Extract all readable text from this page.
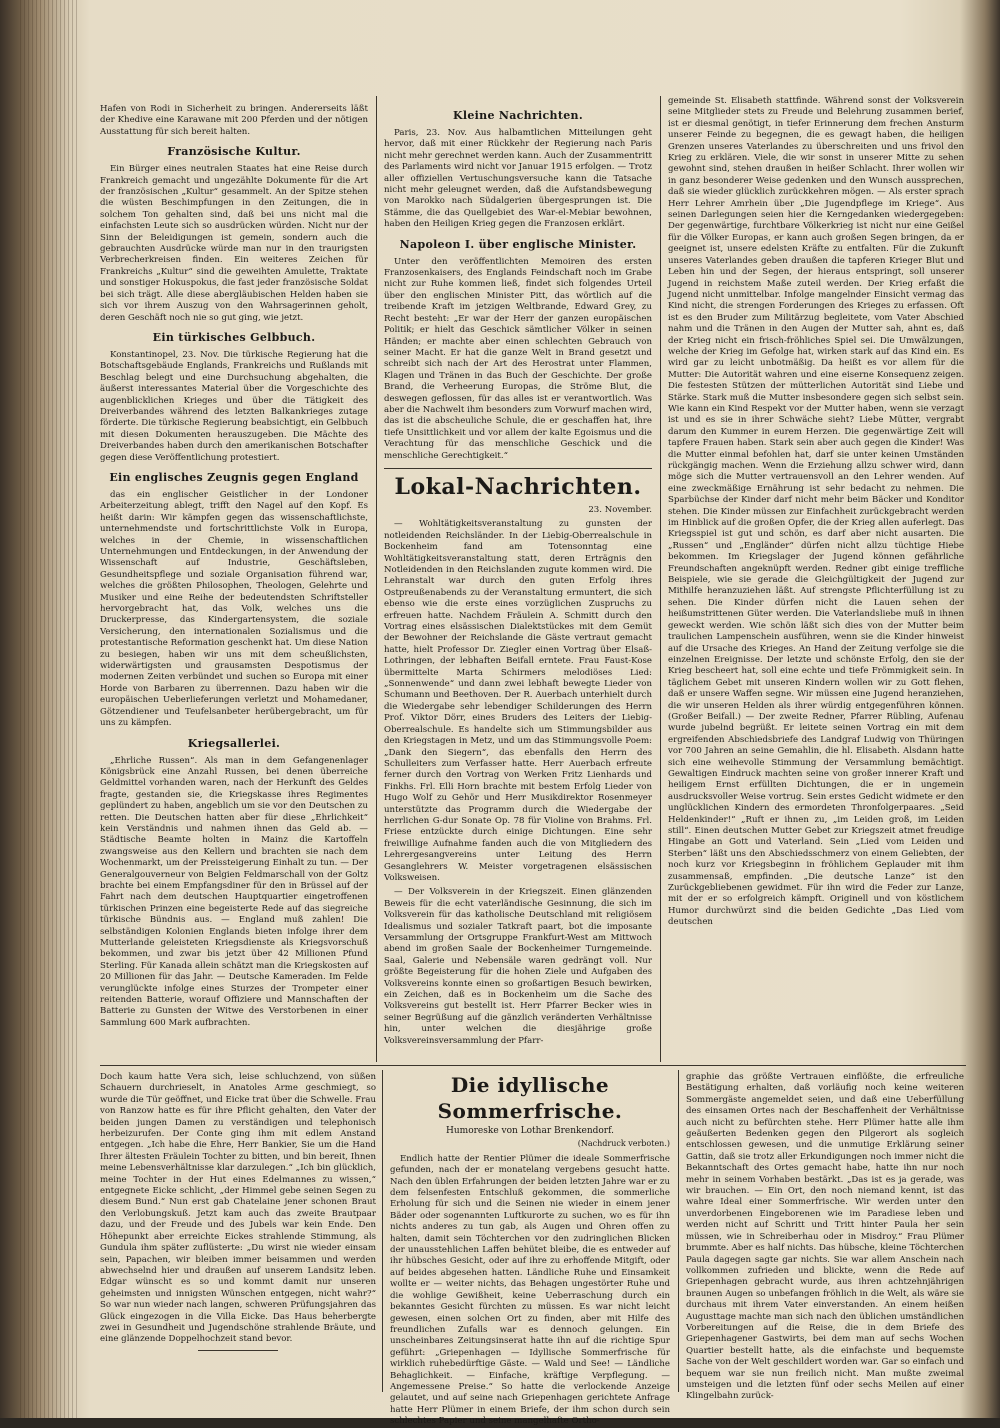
Hafen von Rodi in Sicherheit zu bringen. Andererseits läßt der Khedive eine Karawane mit 200 Pferden und der nötigen Ausstattung für sich bereit halten.

Französische Kultur.

Ein Bürger eines neutralen Staates hat eine Reise durch Frankreich gemacht und ungezählte Dokumente für die Art der französischen „Kultur“ gesammelt. An der Spitze stehen die wüsten Beschimpfungen in den Zeitungen, die in solchem Ton gehalten sind, daß bei uns nicht mal die einfachsten Leute sich so ausdrücken würden. Nicht nur der Sinn der Beleidigungen ist gemein, sondern auch die gebrauchten Ausdrücke würde man nur in den traurigsten Verbrecherkreisen finden. Ein weiteres Zeichen für Frankreichs „Kultur“ sind die geweihten Amulette, Traktate und sonstiger Hokuspokus, die fast jeder französische Soldat bei sich trägt. Alle diese abergläubischen Helden haben sie sich vor ihrem Auszug von den Wahrsagerinnen geholt, deren Geschäft noch nie so gut ging, wie jetzt.

Ein türkisches Gelbbuch.

Konstantinopel, 23. Nov. Die türkische Regierung hat die Botschaftsgebäude Englands, Frankreichs und Rußlands mit Beschlag belegt und eine Durchsuchung abgehalten, die äußerst interessantes Material über die Vorgeschichte des augenblicklichen Krieges und über die Tätigkeit des Dreiverbandes während des letzten Balkankrieges zutage förderte. Die türkische Regierung beabsichtigt, ein Gelbbuch mit diesen Dokumenten herauszugeben. Die Mächte des Dreiverbandes haben durch den amerikanischen Botschafter gegen diese Veröffentlichung protestiert.

Ein englisches Zeugnis gegen England

das ein englischer Geistlicher in der Londoner Arbeiterzeitung ablegt, trifft den Nagel auf den Kopf. Es heißt darin: Wir kämpfen gegen das wissenschaftlichste, unternehmendste und fortschrittlichste Volk in Europa, welches in der Chemie, in wissenschaftlichen Unternehmungen und Entdeckungen, in der Anwendung der Wissenschaft auf Industrie, Geschäftsleben, Gesundheitspflege und soziale Organisation führend war, welches die größten Philosophen, Theologen, Gelehrte und Musiker und eine Reihe der bedeutendsten Schriftsteller hervorgebracht hat, das Volk, welches uns die Druckerpresse, das Kindergartensystem, die soziale Versicherung, den internationalen Sozialismus und die protestantische Reformation geschenkt hat. Um diese Nation zu besiegen, haben wir uns mit dem scheußlichsten, widerwärtigsten und grausamsten Despotismus der modernen Zeiten verbündet und suchen so Europa mit einer Horde von Barbaren zu überrennen. Dazu haben wir die europäischen Ueberlieferungen verletzt und Mohamedaner, Götzendiener und Teufelsanbeter herübergebracht, um für uns zu kämpfen.

Kriegsallerlei.

„Ehrliche Russen“. Als man in dem Gefangenenlager Königsbrück eine Anzahl Russen, bei denen überreiche Geldmittel vorhanden waren, nach der Herkunft des Geldes fragte, gestanden sie, die Kriegskasse ihres Regimentes geplündert zu haben, angeblich um sie vor den Deutschen zu retten. Die Deutschen hatten aber für diese „Ehrlichkeit“ kein Verständnis und nahmen ihnen das Geld ab. — Städtische Beamte holten in Mainz die Kartoffeln zwangsweise aus den Kellern und brachten sie nach dem Wochenmarkt, um der Preissteigerung Einhalt zu tun. — Der Generalgouverneur von Belgien Feldmarschall von der Goltz brachte bei einem Empfangsdiner für den in Brüssel auf der Fahrt nach dem deutschen Hauptquartier eingetroffenen türkischen Prinzen eine begeisterte Rede auf das siegreiche türkische Bündnis aus. — England muß zahlen! Die selbständigen Kolonien Englands bieten infolge ihrer dem Mutterlande geleisteten Kriegsdienste als Kriegsvorschuß bekommen, und zwar bis jetzt über 42 Millionen Pfund Sterling. Für Kanada allein schätzt man die Kriegskosten auf 20 Millionen für das Jahr. — Deutsche Kameraden. Im Felde verunglückte infolge eines Sturzes der Trompeter einer reitenden Batterie, worauf Offiziere und Mannschaften der Batterie zu Gunsten der Witwe des Verstorbenen in einer Sammlung 600 Mark aufbrachten.

Kleine Nachrichten.

Paris, 23. Nov. Aus halbamtlichen Mitteilungen geht hervor, daß mit einer Rückkehr der Regierung nach Paris nicht mehr gerechnet werden kann. Auch der Zusammentritt des Parlaments wird nicht vor Januar 1915 erfolgen. — Trotz aller offiziellen Vertuschungsversuche kann die Tatsache nicht mehr geleugnet werden, daß die Aufstandsbewegung von Marokko nach Südalgerien übergesprungen ist. Die Stämme, die das Quellgebiet des War-el-Mebiar bewohnen, haben den Heiligen Krieg gegen die Franzosen erklärt.

Napoleon I. über englische Minister.

Unter den veröffentlichten Memoiren des ersten Franzosenkaisers, des Englands Feindschaft noch im Grabe nicht zur Ruhe kommen ließ, findet sich folgendes Urteil über den englischen Minister Pitt, das wörtlich auf die treibende Kraft im jetzigen Weltbrande, Edward Grey, zu Recht besteht: „Er war der Herr der ganzen europäischen Politik; er hielt das Geschick sämtlicher Völker in seinen Händen; er machte aber einen schlechten Gebrauch von seiner Macht. Er hat die ganze Welt in Brand gesetzt und schreibt sich nach der Art des Herostrat unter Flammen, Klagen und Tränen in das Buch der Geschichte. Der große Brand, die Verheerung Europas, die Ströme Blut, die deswegen geflossen, für das alles ist er verantwortlich. Was aber die Nachwelt ihm besonders zum Vorwurf machen wird, das ist die abscheuliche Schule, die er geschaffen hat, ihre tiefe Unsittlichkeit und vor allem der kalte Egoismus und die Verachtung für das menschliche Geschick und die menschliche Gerechtigkeit.“

Lokal-Nachrichten.

23. November.

— Wohltätigkeitsveranstaltung zu gunsten der notleidenden Reichsländer. In der Liebig-Oberrealschule in Bockenheim fand am Totensonntag eine Wohltätigkeitsveranstaltung statt, deren Erträgnis den Notleidenden in den Reichslanden zugute kommen wird. Die Lehranstalt war durch den guten Erfolg ihres Ostpreußenabends zu der Veranstaltung ermuntert, die sich ebenso wie die erste eines vorzüglichen Zuspruchs zu erfreuen hatte. Nachdem Fräulein A. Schmitt durch den Vortrag eines elsässischen Dialektstückes mit dem Gemüt der Bewohner der Reichslande die Gäste vertraut gemacht hatte, hielt Professor Dr. Ziegler einen Vortrag über Elsaß-Lothringen, der lebhaften Beifall erntete. Frau Faust-Kose übermittelte Marta Schirmers melodiöses Lied: „Sonnenwende“ und dann zwei lebhaft bewegte Lieder von Schumann und Beethoven. Der R. Auerbach unterhielt durch die Wiedergabe sehr lebendiger Schilderungen des Herrn Prof. Viktor Dörr, eines Bruders des Leiters der Liebig-Oberrealschule. Es handelte sich um Stimmungsbilder aus den Kriegstagen in Metz, und um das Stimmungsvolle Poem: „Dank den Siegern“, das ebenfalls den Herrn des Schulleiters zum Verfasser hatte. Herr Auerbach erfreute ferner durch den Vortrag von Werken Fritz Lienhards und Finkhs. Frl. Elli Horn brachte mit bestem Erfolg Lieder von Hugo Wolf zu Gehör und Herr Musikdirektor Rosenmeyer unterstützte das Programm durch die Wiedergabe der herrlichen G-dur Sonate Op. 78 für Violine von Brahms. Frl. Friese entzückte durch einige Dichtungen. Eine sehr freiwillige Aufnahme fanden auch die von Mitgliedern des Lehrergesangvereins unter Leitung des Herrn Gesanglehrers W. Meister vorgetragenen elsässischen Volksweisen.

— Der Volksverein in der Kriegszeit. Einen glänzenden Beweis für die echt vaterländische Gesinnung, die sich im Volksverein für das katholische Deutschland mit religiösem Idealismus und sozialer Tatkraft paart, bot die imposante Versammlung der Ortsgruppe Frankfurt-West am Mittwoch abend im großen Saale der Bockenheimer Turngemeinde. Saal, Galerie und Nebensäle waren gedrängt voll. Nur größte Begeisterung für die hohen Ziele und Aufgaben des Volksvereins konnte einen so großartigen Besuch bewirken, ein Zeichen, daß es in Bockenheim um die Sache des Volksvereins gut bestellt ist. Herr Pfarrer Becker wies in seiner Begrüßung auf die gänzlich veränderten Verhältnisse hin, unter welchen die diesjährige große Volksvereinsversammlung der Pfarr-

gemeinde St. Elisabeth stattfinde. Während sonst der Volksverein seine Mitglieder stets zu Freude und Belehrung zusammen berief, ist er diesmal genötigt, in tiefer Erinnerung dem frechen Ansturm unserer Feinde zu begegnen, die es gewagt haben, die heiligen Grenzen unseres Vaterlandes zu überschreiten und uns frivol den Krieg zu erklären. Viele, die wir sonst in unserer Mitte zu sehen gewohnt sind, stehen draußen in heißer Schlacht. Ihrer wollen wir in ganz besonderer Weise gedenken und den Wunsch aussprechen, daß sie wieder glücklich zurückkehren mögen. — Als erster sprach Herr Lehrer Amrhein über „Die Jugendpflege im Kriege“. Aus seinen Darlegungen seien hier die Kerngedanken wiedergegeben: Der gegenwärtige, furchtbare Völkerkrieg ist nicht nur eine Geißel für die Völker Europas, er kann auch großen Segen bringen, da er geeignet ist, unsere edelsten Kräfte zu entfalten. Für die Zukunft unseres Vaterlandes geben draußen die tapferen Krieger Blut und Leben hin und der Segen, der hieraus entspringt, soll unserer Jugend in reichstem Maße zuteil werden. Der Krieg erfaßt die Jugend nicht unmittelbar. Infolge mangelnder Einsicht vermag das Kind nicht, die strengen Forderungen des Krieges zu erfassen. Oft ist es den Bruder zum Militärzug begleitete, vom Vater Abschied nahm und die Tränen in den Augen der Mutter sah, ahnt es, daß der Krieg nicht ein frisch-fröhliches Spiel sei. Die Umwälzungen, welche der Krieg im Gefolge hat, wirken stark auf das Kind ein. Es wird gar zu leicht unbotmäßig. Da heißt es vor allem für die Mutter: Die Autorität wahren und eine eiserne Konsequenz zeigen. Die festesten Stützen der mütterlichen Autorität sind Liebe und Stärke. Stark muß die Mutter insbesondere gegen sich selbst sein. Wie kann ein Kind Respekt vor der Mutter haben, wenn sie verzagt ist und es sie in ihrer Schwäche sieht? Liebe Mütter, vergrabt darum den Kummer in eurem Herzen. Die gegenwärtige Zeit will tapfere Frauen haben. Stark sein aber auch gegen die Kinder! Was die Mutter einmal befohlen hat, darf sie unter keinen Umständen rückgängig machen. Wenn die Erziehung allzu schwer wird, dann möge sich die Mutter vertrauensvoll an den Lehrer wenden. Auf eine zweckmäßige Ernährung ist sehr bedacht zu nehmen. Die Sparbüchse der Kinder darf nicht mehr beim Bäcker und Konditor stehen. Die Kinder müssen zur Einfachheit zurückgebracht werden im Hinblick auf die großen Opfer, die der Krieg allen auferlegt. Das Kriegsspiel ist gut und schön, es darf aber nicht ausarten. Die „Russen“ und „Engländer“ dürfen nicht allzu tüchtige Hiebe bekommen. Im Kriegslager der Jugend können gefährliche Freundschaften angeknüpft werden. Redner gibt einige treffliche Beispiele, wie sie gerade die Gleichgültigkeit der Jugend zur Mithilfe heranzuziehen läßt. Auf strengste Pflichterfüllung ist zu sehen. Die Kinder dürfen nicht die Lauen sehen der heißumstrittenen Güter werden. Die Vaterlandsliebe muß in ihnen geweckt werden. Wie schön läßt sich dies von der Mutter beim traulichen Lampenschein ausführen, wenn sie die Kinder hinweist auf die Ursache des Krieges. An Hand der Zeitung verfolge sie die einzelnen Ereignisse. Der letzte und schönste Erfolg, den sie der Krieg bescheert hat, soll eine echte und tiefe Frömmigkeit sein. In täglichem Gebet mit unseren Kindern wollen wir zu Gott flehen, daß er unsere Waffen segne. Wir müssen eine Jugend heranziehen, die wir unseren Helden als ihrer würdig entgegenführen können. (Großer Beifall.) — Der zweite Redner, Pfarrer Rübling, Aufenau wurde jubelnd begrüßt. Er leitete seinen Vortrag ein mit dem ergreifenden Abschiedsbriefe des Landgraf Ludwig von Thüringen vor 700 Jahren an seine Gemahlin, die hl. Elisabeth. Alsdann hatte sich eine weihevolle Stimmung der Versammlung bemächtigt. Gewaltigen Eindruck machten seine von großer innerer Kraft und heiligem Ernst erfüllten Dichtungen, die er in ungemein ausdrucksvoller Weise vortrug. Sein erstes Gedicht widmete er den unglücklichen Kindern des ermordeten Thronfolgerpaares. „Seid Heldenkinder!“ „Ruft er ihnen zu, „im Leiden groß, im Leiden still“. Einen deutschen Mutter Gebet zur Kriegszeit atmet freudige Hingabe an Gott und Vaterland. Sein „Lied vom Leiden und Sterben“ läßt uns den Abschiedsschmerz von einem Geliebten, der noch kurz vor Kriegsbeginn in fröhlichem Geplauder mit ihm zusammensaß, empfinden. „Die deutsche Lanze“ ist den Zurückgebliebenen gewidmet. Für ihn wird die Feder zur Lanze, mit der er so erfolgreich kämpft. Originell und von köstlichem Humor durchwürzt sind die beiden Gedichte „Das Lied vom deutschen

Doch kaum hatte Vera sich, leise schluchzend, von süßen Schauern durchrieselt, in Anatoles Arme geschmiegt, so wurde die Tür geöffnet, und Eicke trat über die Schwelle. Frau von Ranzow hatte es für ihre Pflicht gehalten, den Vater der beiden jungen Damen zu verständigen und telephonisch herbeizurufen. Der Conte ging ihm mit edlem Anstand entgegen. „Ich habe die Ehre, Herr Bankier, Sie um die Hand Ihrer ältesten Fräulein Tochter zu bitten, und bin bereit, Ihnen meine Lebensverhältnisse klar darzulegen.“ „Ich bin glücklich, meine Tochter in der Hut eines Edelmannes zu wissen,“ entgegnete Eicke schlicht, „der Himmel gebe seinen Segen zu diesem Bund.“ Nun erst gab Chatelaine jener schonen Braut den Verlobungskuß. Jetzt kam auch das zweite Brautpaar dazu, und der Freude und des Jubels war kein Ende. Den Höhepunkt aber erreichte Eickes strahlende Stimmung, als Gundula ihm später zuflüsterte: „Du wirst nie wieder einsam sein, Papachen, wir bleiben immer beisammen und werden abwechselnd hier und draußen auf unserem Landsitz leben. Edgar wünscht es so und kommt damit nur unseren geheimsten und innigsten Wünschen entgegen, nicht wahr?“ So war nun wieder nach langen, schweren Prüfungsjahren das Glück eingezogen in die Villa Eicke. Das Haus beherbergte zwei in Gesundheit und Jugendschöne strahlende Bräute, und eine glänzende Doppelhochzeit stand bevor.

Die idyllische Sommerfrische.
Humoreske von Lothar Brenkendorf.
(Nachdruck verboten.)

Endlich hatte der Rentier Plümer die ideale Sommerfrische gefunden, nach der er monatelang vergebens gesucht hatte. Nach den üblen Erfahrungen der beiden letzten Jahre war er zu dem felsenfesten Entschluß gekommen, die sommerliche Erholung für sich und die Seinen nie wieder in einem jener Bäder oder sogenannten Luftkurorte zu suchen, wo es für ihn nichts anderes zu tun gab, als Augen und Ohren offen zu halten, damit sein Töchterchen vor den zudringlichen Blicken der unausstehlichen Laffen behütet bleibe, die es entweder auf ihr hübsches Gesicht, oder auf ihre zu erhoffende Mitgift, oder auf beides abgesehen hatten. Ländliche Ruhe und Einsamkeit wollte er — weiter nichts, das Behagen ungestörter Ruhe und die wohlige Gewißheit, keine Ueberraschung durch ein bekanntes Gesicht fürchten zu müssen. Es war nicht leicht gewesen, einen solchen Ort zu finden, aber mit Hilfe des freundlichen Zufalls war es dennoch gelungen. Ein unscheinbares Zeitungsinserat hatte ihn auf die richtige Spur geführt: „Griepenhagen — Idyllische Sommerfrische für wirklich ruhebedürftige Gäste. — Wald und See! — Ländliche Behaglichkeit. — Einfache, kräftige Verpflegung. — Angemessene Preise.“ So hatte die verlockende Anzeige gelautet, und auf seine nach Griepenhagen gerichtete Anfrage hatte Herr Plümer in einem Briefe, der ihm schon durch sein schlechtes Papier und seine mangelhafte Ortho-

graphie das größte Vertrauen einflößte, die erfreuliche Bestätigung erhalten, daß vorläufig noch keine weiteren Sommergäste angemeldet seien, und daß eine Ueberfüllung des einsamen Ortes nach der Beschaffenheit der Verhältnisse auch nicht zu befürchten stehe. Herr Plümer hatte alle ihm geäußerten Bedenken gegen den Pilgerort als sogleich entschlossen gewesen, und die unmutige Erklärung seiner Gattin, daß sie trotz aller Erkundigungen noch immer nicht die Bekanntschaft des Ortes gemacht habe, hatte ihn nur noch mehr in seinem Vorhaben bestärkt. „Das ist es ja gerade, was wir brauchen. — Ein Ort, den noch niemand kennt, ist das wahre Ideal einer Sommerfrische. Wir werden unter den unverdorbenen Eingeborenen wie im Paradiese leben und werden nicht auf Schritt und Tritt hinter Paula her sein müssen, wie in Schreiberhau oder in Misdroy.“ Frau Plümer brummte. Aber es half nichts. Das hübsche, kleine Töchterchen Paula dagegen sagte gar nichts. Sie war allem Anschein nach vollkommen zufrieden und blickte, wenn die Rede auf Griepenhagen gebracht wurde, aus ihren achtzehnjährigen braunen Augen so unbefangen fröhlich in die Welt, als wäre sie durchaus mit ihrem Vater einverstanden. An einem heißen Augusttage machte man sich nach den üblichen umständlichen Vorbereitungen auf die Reise, die in dem Briefe des Griepenhagener Gastwirts, bei dem man auf sechs Wochen Quartier bestellt hatte, als die einfachste und bequemste Sache von der Welt geschildert worden war. Gar so einfach und bequem war sie nun freilich nicht. Man mußte zweimal umsteigen und die letzten fünf oder sechs Meilen auf einer Klingelbahn zurück-
